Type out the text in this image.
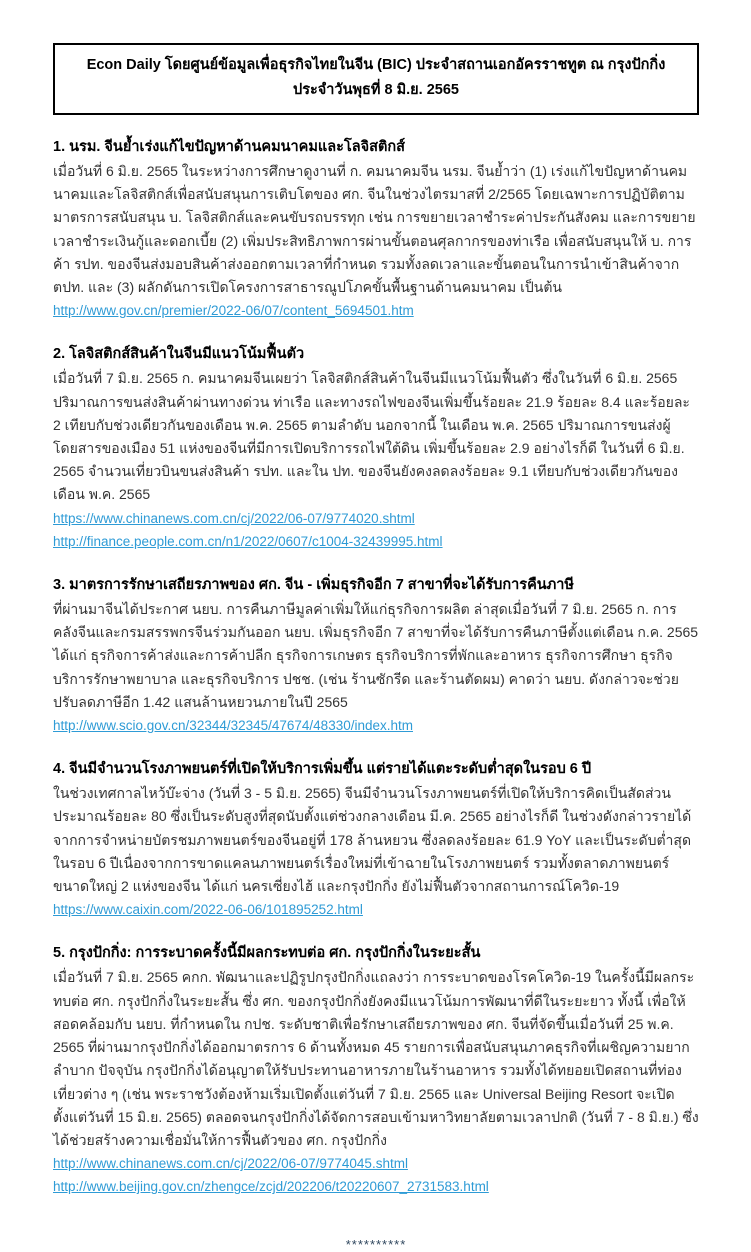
Econ Daily โดยศูนย์ข้อมูลเพื่อธุรกิจไทยในจีน (BIC) ประจำสถานเอกอัครราชทูต ณ กรุงปักกิ่ง
ประจำวันพุธที่ 8 มิ.ย. 2565
1. นรม. จีนย้ำเร่งแก้ไขปัญหาด้านคมนาคมและโลจิสติกส์

เมื่อวันที่ 6 มิ.ย. 2565 ในระหว่างการศึกษาดูงานที่ ก. คมนาคมจีน นรม. จีนย้ำว่า (1) เร่งแก้ไขปัญหาด้านคมนาคมและโลจิสติกส์เพื่อสนับสนุนการเติบโตของ ศก. จีนในช่วงไตรมาสที่ 2/2565 โดยเฉพาะการปฏิบัติตามมาตรการสนับสนุน บ. โลจิสติกส์และคนขับรถบรรทุก เช่น การขยายเวลาชำระค่าประกันสังคม และการขยายเวลาชำระเงินกู้และดอกเบี้ย (2) เพิ่มประสิทธิภาพการผ่านขั้นตอนศุลกากรของท่าเรือ เพื่อสนับสนุนให้ บ. การค้า รปท. ของจีนส่งมอบสินค้าส่งออกตามเวลาที่กำหนด รวมทั้งลดเวลาและขั้นตอนในการนำเข้าสินค้าจาก ตปท. และ (3) ผลักดันการเปิดโครงการสาธารณูปโภคขั้นพื้นฐานด้านคมนาคม เป็นต้น

http://www.gov.cn/premier/2022-06/07/content_5694501.htm
2. โลจิสติกส์สินค้าในจีนมีแนวโน้มฟื้นตัว

เมื่อวันที่ 7 มิ.ย. 2565 ก. คมนาคมจีนเผยว่า โลจิสติกส์สินค้าในจีนมีแนวโน้มฟื้นตัว ซึ่งในวันที่ 6 มิ.ย. 2565 ปริมาณการขนส่งสินค้าผ่านทางด่วน ท่าเรือ และทางรถไฟของจีนเพิ่มขึ้นร้อยละ 21.9 ร้อยละ 8.4 และร้อยละ 2 เทียบกับช่วงเดียวกันของเดือน พ.ค. 2565 ตามลำดับ นอกจากนี้ ในเดือน พ.ค. 2565 ปริมาณการขนส่งผู้โดยสารของเมือง 51 แห่งของจีนที่มีการเปิดบริการรถไฟใต้ดิน เพิ่มขึ้นร้อยละ 2.9 อย่างไรก็ดี ในวันที่ 6 มิ.ย. 2565 จำนวนเที่ยวบินขนส่งสินค้า รปท. และใน ปท. ของจีนยังคงลดลงร้อยละ 9.1 เทียบกับช่วงเดียวกันของเดือน พ.ค. 2565

https://www.chinanews.com.cn/cj/2022/06-07/9774020.shtml
http://finance.people.com.cn/n1/2022/0607/c1004-32439995.html
3. มาตรการรักษาเสถียรภาพของ ศก. จีน - เพิ่มธุรกิจอีก 7 สาขาที่จะได้รับการคืนภาษี

ที่ผ่านมาจีนได้ประกาศ นยบ. การคืนภาษีมูลค่าเพิ่มให้แก่ธุรกิจการผลิต ล่าสุดเมื่อวันที่ 7 มิ.ย. 2565 ก. การคลังจีนและกรมสรรพกรจีนร่วมกันออก นยบ. เพิ่มธุรกิจอีก 7 สาขาที่จะได้รับการคืนภาษีตั้งแต่เดือน ก.ค. 2565 ได้แก่ ธุรกิจการค้าส่งและการค้าปลีก ธุรกิจการเกษตร ธุรกิจบริการที่พักและอาหาร ธุรกิจการศึกษา ธุรกิจบริการรักษาพยาบาล และธุรกิจบริการ ปชช. (เช่น ร้านซักรีด และร้านตัดผม) คาดว่า นยบ. ดังกล่าวจะช่วยปรับลดภาษีอีก 1.42 แสนล้านหยวนภายในปี 2565

http://www.scio.gov.cn/32344/32345/47674/48330/index.htm
4. จีนมีจำนวนโรงภาพยนตร์ที่เปิดให้บริการเพิ่มขึ้น แต่รายได้แตะระดับต่ำสุดในรอบ 6 ปี

ในช่วงเทศกาลไหว้บ๊ะจ่าง (วันที่ 3 - 5 มิ.ย. 2565) จีนมีจำนวนโรงภาพยนตร์ที่เปิดให้บริการคิดเป็นสัดส่วนประมาณร้อยละ 80 ซึ่งเป็นระดับสูงที่สุดนับตั้งแต่ช่วงกลางเดือน มี.ค. 2565 อย่างไรก็ดี ในช่วงดังกล่าวรายได้จากการจำหน่ายบัตรชมภาพยนตร์ของจีนอยู่ที่ 178 ล้านหยวน ซึ่งลดลงร้อยละ 61.9 YoY และเป็นระดับต่ำสุดในรอบ 6 ปีเนื่องจากการขาดแคลนภาพยนตร์เรื่องใหม่ที่เข้าฉายในโรงภาพยนตร์ รวมทั้งตลาดภาพยนตร์ขนาดใหญ่ 2 แห่งของจีน ได้แก่ นครเซี่ยงไฮ้ และกรุงปักกิ่ง ยังไม่ฟื้นตัวจากสถานการณ์โควิด-19

https://www.caixin.com/2022-06-06/101895252.html
5. กรุงปักกิ่ง: การระบาดครั้งนี้มีผลกระทบต่อ ศก. กรุงปักกิ่งในระยะสั้น

เมื่อวันที่ 7 มิ.ย. 2565 คกก. พัฒนาและปฏิรูปกรุงปักกิ่งแถลงว่า การระบาดของโรคโควิด-19 ในครั้งนี้มีผลกระทบต่อ ศก. กรุงปักกิ่งในระยะสั้น ซึ่ง ศก. ของกรุงปักกิ่งยังคงมีแนวโน้มการพัฒนาที่ดีในระยะยาว ทั้งนี้ เพื่อให้สอดคล้อมกับ นยบ. ที่กำหนดใน กปช. ระดับชาติเพื่อรักษาเสถียรภาพของ ศก. จีนที่จัดขึ้นเมื่อวันที่ 25 พ.ค. 2565 ที่ผ่านมากรุงปักกิ่งได้ออกมาตรการ 6 ด้านทั้งหมด 45 รายการเพื่อสนับสนุนภาคธุรกิจที่เผชิญความยากลำบาก ปัจจุบัน กรุงปักกิ่งได้อนุญาตให้รับประทานอาหารภายในร้านอาหาร รวมทั้งได้ทยอยเปิดสถานที่ท่องเที่ยวต่าง ๆ (เช่น พระราชวังต้องห้ามเริ่มเปิดตั้งแต่วันที่ 7 มิ.ย. 2565 และ Universal Beijing Resort จะเปิดตั้งแต่วันที่ 15 มิ.ย. 2565) ตลอดจนกรุงปักกิ่งได้จัดการสอบเข้ามหาวิทยาลัยตามเวลาปกติ (วันที่ 7 - 8 มิ.ย.) ซึ่งได้ช่วยสร้างความเชื่อมั่นให้การฟื้นตัวของ ศก. กรุงปักกิ่ง

http://www.chinanews.com.cn/cj/2022/06-07/9774045.shtml
http://www.beijing.gov.cn/zhengce/zcjd/202206/t20220607_2731583.html
**********
